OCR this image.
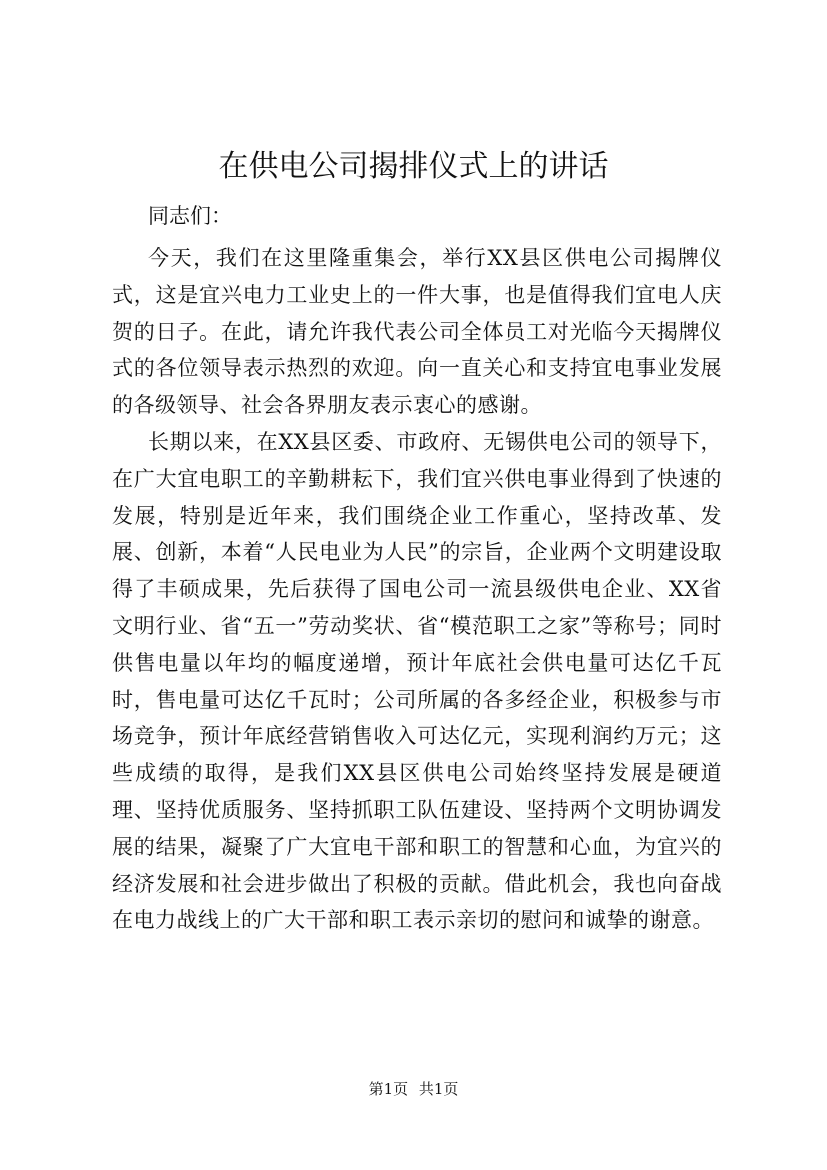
在供电公司揭排仪式上的讲话
同志们：

今天，我们在这里隆重集会，举行XX县区供电公司揭牌仪式，这是宜兴电力工业史上的一件大事，也是值得我们宜电人庆贺的日子。在此，请允许我代表公司全体员工对光临今天揭牌仪式的各位领导表示热烈的欢迎。向一直关心和支持宜电事业发展的各级领导、社会各界朋友表示衷心的感谢。

长期以来，在XX县区委、市政府、无锡供电公司的领导下，在广大宜电职工的辛勤耕耘下，我们宜兴供电事业得到了快速的发展，特别是近年来，我们围绕企业工作重心，坚持改革、发展、创新，本着“人民电业为人民”的宗旨，企业两个文明建设取得了丰硕成果，先后获得了国电公司一流县级供电企业、XX省文明行业、省“五一”劳动奖状、省“模范职工之家”等称号；同时供售电量以年均的幅度递增，预计年底社会供电量可达亿千瓦时，售电量可达亿千瓦时；公司所属的各多经企业，积极参与市场竞争，预计年底经营销售收入可达亿元，实现利润约万元；这些成绩的取得，是我们XX县区供电公司始终坚持发展是硬道理、坚持优质服务、坚持抓职工队伍建设、坚持两个文明协调发展的结果，凝聚了广大宜电干部和职工的智慧和心血，为宜兴的经济发展和社会进步做出了积极的贡献。借此机会，我也向奋战在电力战线上的广大干部和职工表示亲切的慰问和诚挚的谢意。

第1页 共1页
